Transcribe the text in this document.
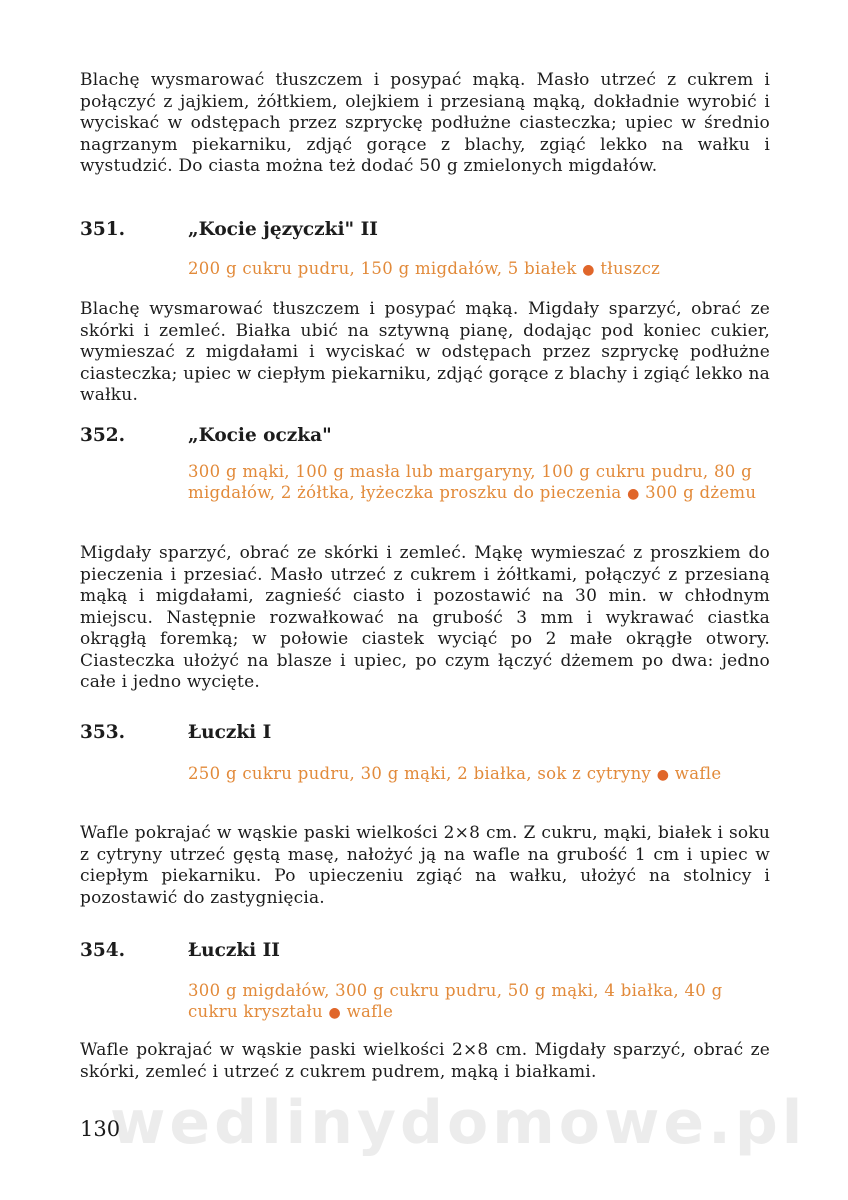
Blachę wysmarować tłuszczem i posypać mąką. Masło utrzeć z cukrem i połączyć z jajkiem, żółtkiem, olejkiem i przesianą mąką, dokładnie wyrobić i wyciskać w odstępach przez szpryckę podłużne ciasteczka; upiec w średnio nagrzanym piekarniku, zdjąć gorące z blachy, zgiąć lekko na wałku i wystudzić. Do ciasta można też dodać 50 g zmielonych migdałów.

351.	„Kocie języczki" II

200 g cukru pudru, 150 g migdałów, 5 białek ● tłuszcz

Blachę wysmarować tłuszczem i posypać mąką. Migdały sparzyć, obrać ze skórki i zemleć. Białka ubić na sztywną pianę, dodając pod koniec cukier, wymieszać z migdałami i wyciskać w odstępach przez szpryckę podłużne ciasteczka; upiec w ciepłym piekarniku, zdjąć gorące z blachy i zgiąć lekko na wałku.

352.	„Kocie oczka"

300 g mąki, 100 g masła lub margaryny, 100 g cukru pudru, 80 g migdałów, 2 żółtka, łyżeczka proszku do pieczenia ● 300 g dżemu

Migdały sparzyć, obrać ze skórki i zemleć. Mąkę wymieszać z proszkiem do pieczenia i przesiać. Masło utrzeć z cukrem i żółtkami, połączyć z przesianą mąką i migdałami, zagnieść ciasto i pozostawić na 30 min. w chłodnym miejscu. Następnie rozwałkować na grubość 3 mm i wykrawać ciastka okrągłą foremką; w połowie ciastek wyciąć po 2 małe okrągłe otwory. Ciasteczka ułożyć na blasze i upiec, po czym łączyć dżemem po dwa: jedno całe i jedno wycięte.

353.	Łuczki I

250 g cukru pudru, 30 g mąki, 2 białka, sok z cytryny ● wafle

Wafle pokrajać w wąskie paski wielkości 2×8 cm. Z cukru, mąki, białek i soku z cytryny utrzeć gęstą masę, nałożyć ją na wafle na grubość 1 cm i upiec w ciepłym piekarniku. Po upieczeniu zgiąć na wałku, ułożyć na stolnicy i pozostawić do zastygnięcia.

354.	Łuczki II

300 g migdałów, 300 g cukru pudru, 50 g mąki, 4 białka, 40 g cukru kryształu ● wafle

Wafle pokrajać w wąskie paski wielkości 2×8 cm. Migdały sparzyć, obrać ze skórki, zemleć i utrzeć z cukrem pudrem, mąką i białkami.

wedlinydomowe.pl
130
